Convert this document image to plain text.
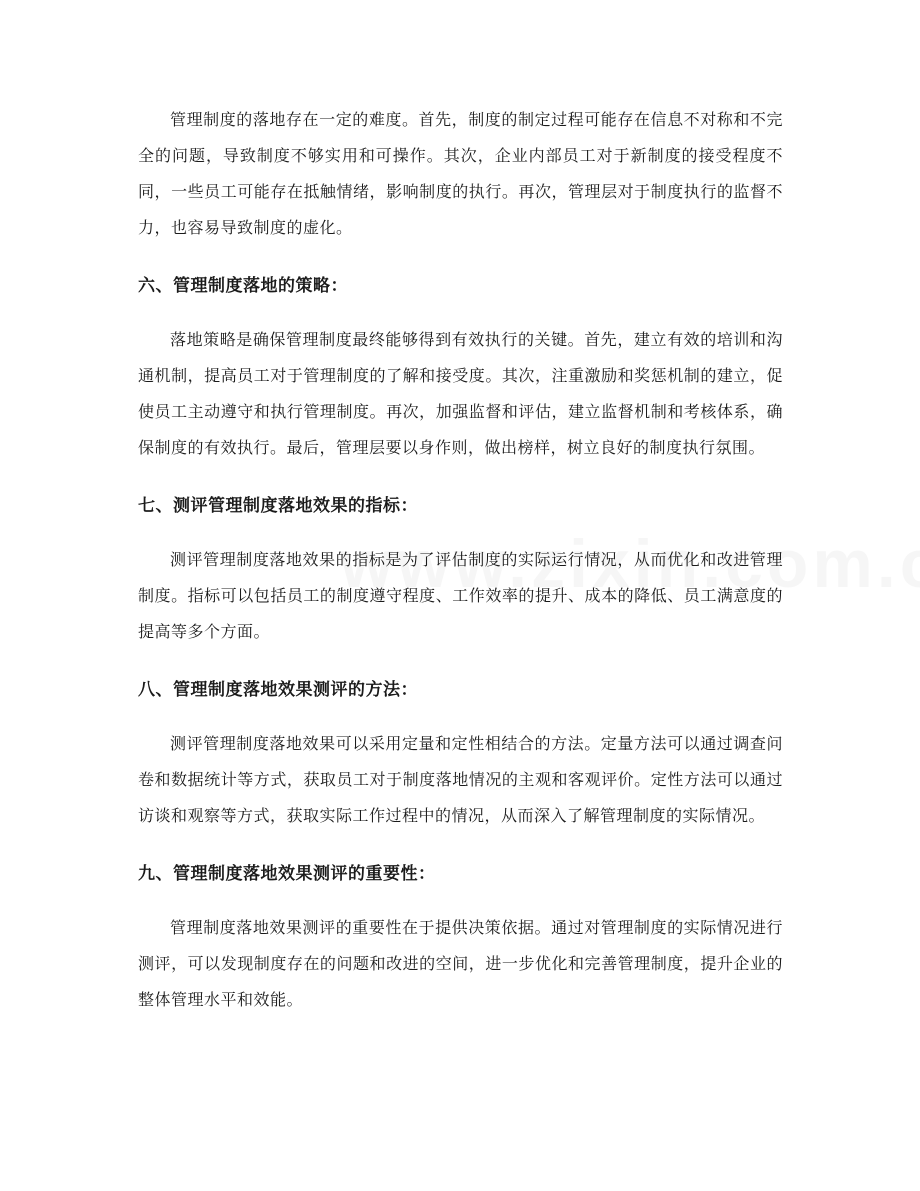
管理制度的落地存在一定的难度。首先，制度的制定过程可能存在信息不对称和不完全的问题，导致制度不够实用和可操作。其次，企业内部员工对于新制度的接受程度不同，一些员工可能存在抵触情绪，影响制度的执行。再次，管理层对于制度执行的监督不力，也容易导致制度的虚化。

六、管理制度落地的策略：

落地策略是确保管理制度最终能够得到有效执行的关键。首先，建立有效的培训和沟通机制，提高员工对于管理制度的了解和接受度。其次，注重激励和奖惩机制的建立，促使员工主动遵守和执行管理制度。再次，加强监督和评估，建立监督机制和考核体系，确保制度的有效执行。最后，管理层要以身作则，做出榜样，树立良好的制度执行氛围。

七、测评管理制度落地效果的指标：

测评管理制度落地效果的指标是为了评估制度的实际运行情况，从而优化和改进管理制度。指标可以包括员工的制度遵守程度、工作效率的提升、成本的降低、员工满意度的提高等多个方面。

八、管理制度落地效果测评的方法：

测评管理制度落地效果可以采用定量和定性相结合的方法。定量方法可以通过调查问卷和数据统计等方式，获取员工对于制度落地情况的主观和客观评价。定性方法可以通过访谈和观察等方式，获取实际工作过程中的情况，从而深入了解管理制度的实际情况。

九、管理制度落地效果测评的重要性：

管理制度落地效果测评的重要性在于提供决策依据。通过对管理制度的实际情况进行测评，可以发现制度存在的问题和改进的空间，进一步优化和完善管理制度，提升企业的整体管理水平和效能。
